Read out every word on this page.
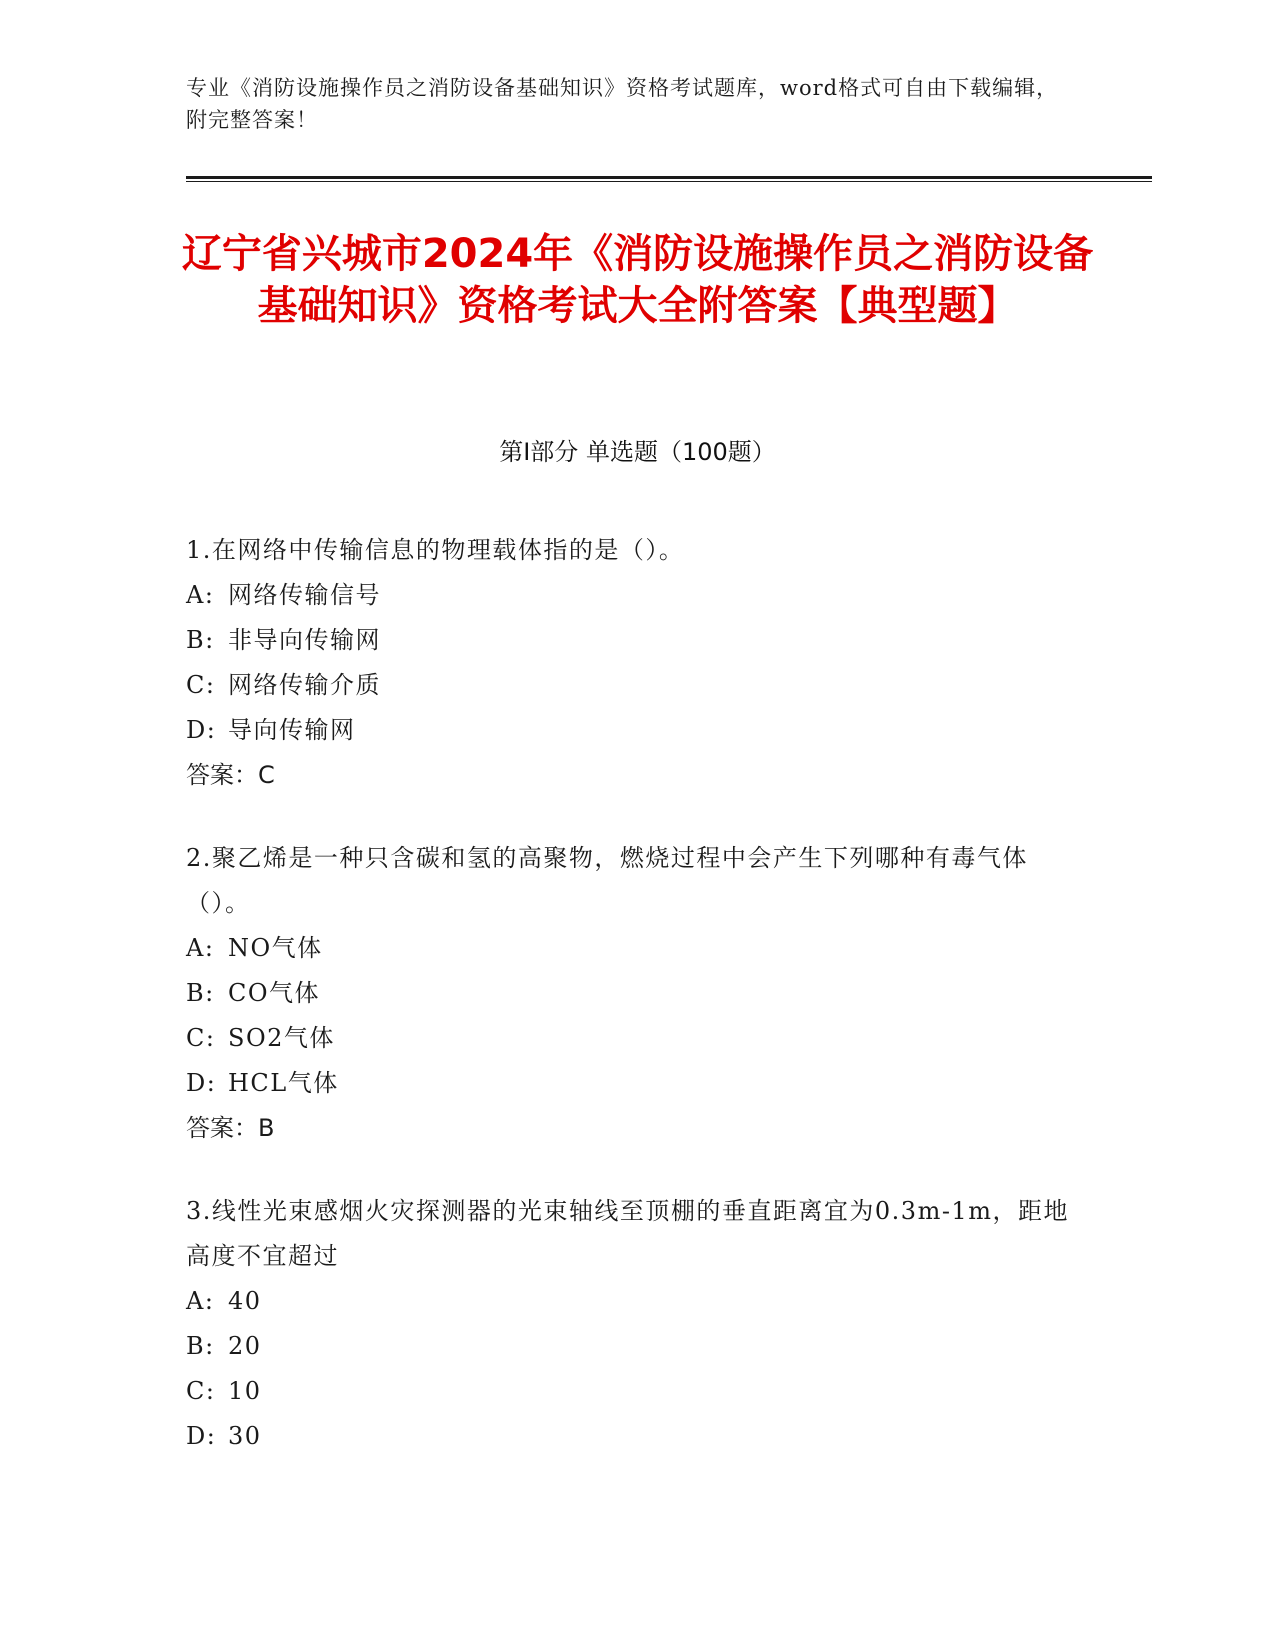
专业《消防设施操作员之消防设备基础知识》资格考试题库，word格式可自由下载编辑，附完整答案！
辽宁省兴城市2024年《消防设施操作员之消防设备基础知识》资格考试大全附答案【典型题】
第I部分 单选题（100题）

1.在网络中传输信息的物理载体指的是（）。

A: 网络传输信号

B: 非导向传输网

C: 网络传输介质

D: 导向传输网

答案：C

2.聚乙烯是一种只含碳和氢的高聚物，燃烧过程中会产生下列哪种有毒气体（）。

A: NO气体

B: CO气体

C: SO2气体

D: HCL气体

答案：B

3.线性光束感烟火灾探测器的光束轴线至顶棚的垂直距离宜为0.3m-1m，距地高度不宜超过

A: 40

B: 20

C: 10

D: 30
